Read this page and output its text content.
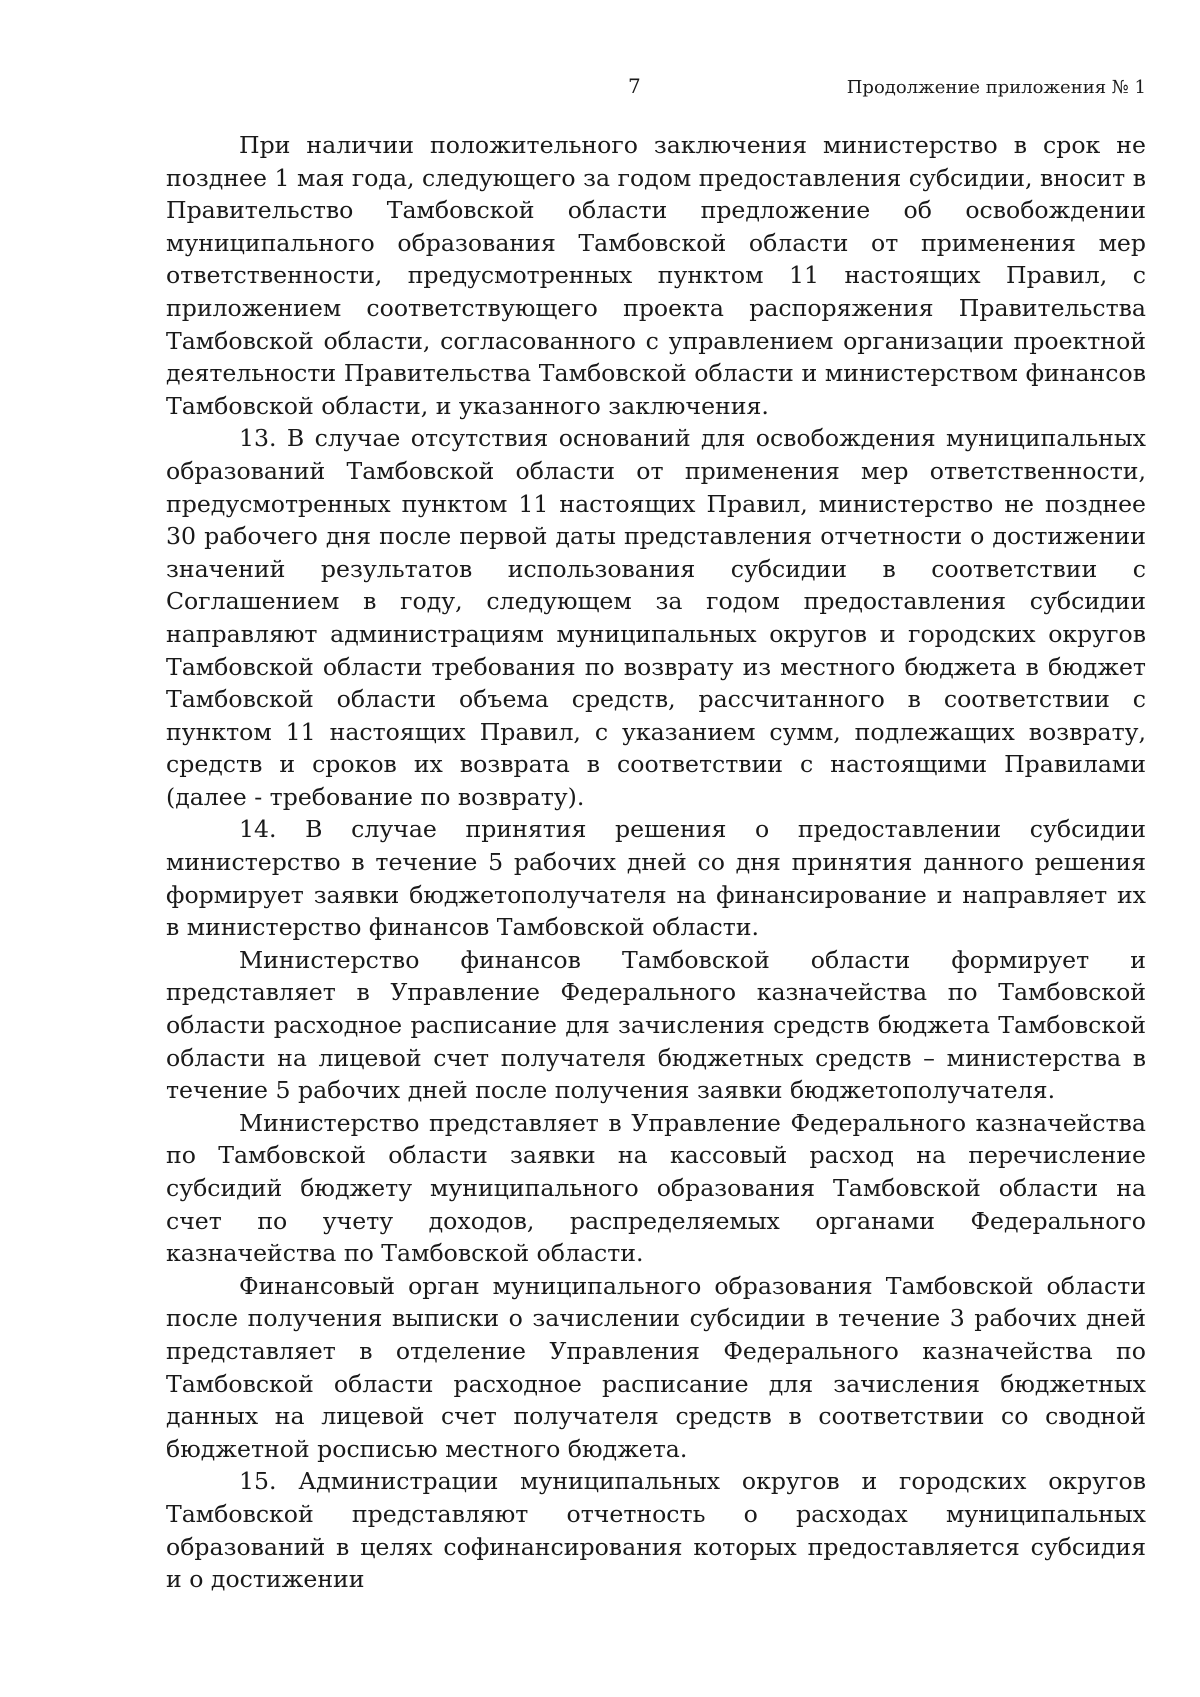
7	Продолжение приложения № 1

При наличии положительного заключения министерство в срок не позднее 1 мая года, следующего за годом предоставления субсидии, вносит в Правительство Тамбовской области предложение об освобождении муниципального образования Тамбовской области от применения мер ответственности, предусмотренных пунктом 11 настоящих Правил, с приложением соответствующего проекта распоряжения Правительства Тамбовской области, согласованного с управлением организации проектной деятельности Правительства Тамбовской области и министерством финансов Тамбовской области, и указанного заключения.

13. В случае отсутствия оснований для освобождения муниципальных образований Тамбовской области от применения мер ответственности, предусмотренных пунктом 11 настоящих Правил, министерство не позднее 30 рабочего дня после первой даты представления отчетности о достижении значений результатов использования субсидии в соответствии с Соглашением в году, следующем за годом предоставления субсидии направляют администрациям муниципальных округов и городских округов Тамбовской области требования по возврату из местного бюджета в бюджет Тамбовской области объема средств, рассчитанного в соответствии с пунктом 11 настоящих Правил, с указанием сумм, подлежащих возврату, средств и сроков их возврата в соответствии с настоящими Правилами (далее - требование по возврату).

14. В случае принятия решения о предоставлении субсидии министерство в течение 5 рабочих дней со дня принятия данного решения формирует заявки бюджетополучателя на финансирование и направляет их в министерство финансов Тамбовской области.

Министерство финансов Тамбовской области формирует и представляет в Управление Федерального казначейства по Тамбовской области расходное расписание для зачисления средств бюджета Тамбовской области на лицевой счет получателя бюджетных средств – министерства в течение 5 рабочих дней после получения заявки бюджетополучателя.

Министерство представляет в Управление Федерального казначейства по Тамбовской области заявки на кассовый расход на перечисление субсидий бюджету муниципального образования Тамбовской области на счет по учету доходов, распределяемых органами Федерального казначейства по Тамбовской области.

Финансовый орган муниципального образования Тамбовской области после получения выписки о зачислении субсидии в течение 3 рабочих дней представляет в отделение Управления Федерального казначейства по Тамбовской области расходное расписание для зачисления бюджетных данных на лицевой счет получателя средств в соответствии со сводной бюджетной росписью местного бюджета.

15. Администрации муниципальных округов и городских округов Тамбовской представляют отчетность о расходах муниципальных образований в целях софинансирования которых предоставляется субсидия и о достижении
